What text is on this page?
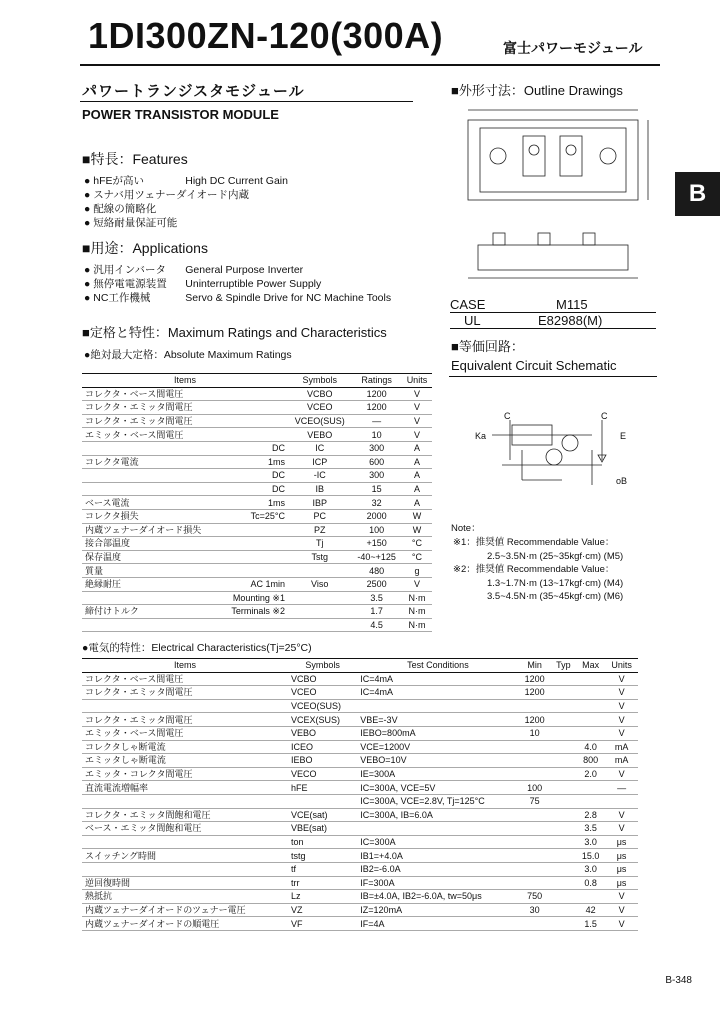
1DI300ZN-120(300A)	富士パワーモジュール
パワートランジスタモジュール
POWER TRANSISTOR MODULE
B
■特長：Features
● hFEが高い	High DC Current Gain
● スナバ用ツェナーダイオード内蔵
● 配線の簡略化
● 短絡耐量保証可能
■用途：Applications
● 汎用インバータ General Purpose Inverter
● 無停電電源装置 Uninterruptible Power Supply
● NC工作機械	Servo & Spindle Drive for NC Machine Tools
■定格と特性：Maximum Ratings and Characteristics
●絶対最大定格：Absolute Maximum Ratings
Items		Symbols	Ratings	Units
コレクタ・ベース間電圧		VCBO	1200	V
コレクタ・エミッタ間電圧		VCEO	1200	V
コレクタ・エミッタ間電圧		VCEO(SUS)	—	V
エミッタ・ベース間電圧		VEBO	10	V
	DC	IC	300	A
コレクタ電流	1ms	ICP	600	A
	DC	-IC	300	A
	DC	IB	15	A
ベース電流	1ms	IBP	32	A
コレクタ損失	Tc=25°C	PC	2000	W
内蔵ツェナーダイオード損失		PZ	100	W
接合部温度		Tj	+150	°C
保存温度		Tstg	-40~+125	°C
質量			480	g
絶縁耐圧	AC 1min	Viso	2500	V
	Mounting ※1		3.5	N·m
締付けトルク	Terminals ※2		1.7	N·m
			4.5	N·m
■外形寸法：Outline Drawings
CASE	M115
UL	E82988(M)
■等価回路：
Equivalent Circuit Schematic
C	C
Ka	E
oB
Note：
※1：推奨値 Recommendable Value：
2.5~3.5N·m (25~35kgf·cm) (M5)
※2：推奨値 Recommendable Value：
1.3~1.7N·m (13~17kgf·cm) (M4)
3.5~4.5N·m (35~45kgf·cm) (M6)
●電気的特性：Electrical Characteristics(Tj=25°C)
Items	Symbols	Test Conditions	Min	Typ	Max	Units
コレクタ・ベース間電圧	VCBO	IC=4mA	1200			V
コレクタ・エミッタ間電圧	VCEO	IC=4mA	1200			V
	VCEO(SUS)					V
コレクタ・エミッタ間電圧	VCEX(SUS)	VBE=-3V	1200			V
エミッタ・ベース間電圧	VEBO	IEBO=800mA	10			V
コレクタしゃ断電流	ICEO	VCE=1200V			4.0	mA
エミッタしゃ断電流	IEBO	VEBO=10V			800	mA
エミッタ・コレクタ間電圧	VECO	IE=300A			2.0	V
直流電流増幅率	hFE	IC=300A, VCE=5V	100			—
		IC=300A, VCE=2.8V, Tj=125°C	75			
コレクタ・エミッタ間飽和電圧	VCE(sat)	IC=300A, IB=6.0A			2.8	V
ベース・エミッタ間飽和電圧	VBE(sat)				3.5	V
	ton	IC=300A			3.0	μs
スイッチング時間	tstg	IB1=+4.0A			15.0	μs
	tf	IB2=-6.0A			3.0	μs
逆回復時間	trr	IF=300A			0.8	μs
熱抵抗	Lz	IB=±4.0A, IB2=-6.0A, tw=50μs	750			V
内蔵ツェナーダイオードのツェナー電圧	VZ	IZ=120mA	30		42	V
内蔵ツェナーダイオードの順電圧	VF	IF=4A			1.5	V
B-348
